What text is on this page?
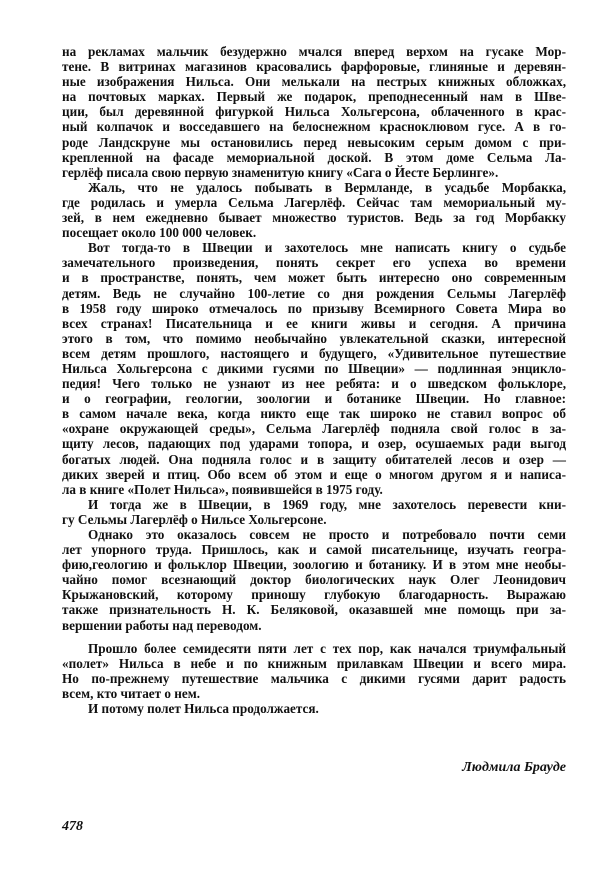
на рекламах мальчик безудержно мчался вперед верхом на гусаке Мор-
тене. В витринах магазинов красовались фарфоровые, глиняные и деревян-
ные изображения Нильса. Они мелькали на пестрых книжных обложках,
на почтовых марках. Первый же подарок, преподнесенный нам в Шве-
ции, был деревянной фигуркой Нильса Хольгерсона, облаченного в крас-
ный колпачок и восседавшего на белоснежном красноклювом гусе. А в го-
роде Ландскруне мы остановились перед невысоким серым домом с при-
крепленной на фасаде мемориальной доской. В этом доме Сельма Ла-
герлёф писала свою первую знаменитую книгу «Сага о Йесте Берлинге».
Жаль, что не удалось побывать в Вермланде, в усадьбе Морбакка,
где родилась и умерла Сельма Лагерлёф. Сейчас там мемориальный му-
зей, в нем ежедневно бывает множество туристов. Ведь за год Морбакку
посещает около 100 000 человек.
Вот тогда-то в Швеции и захотелось мне написать книгу о судьбе
замечательного произведения, понять секрет его успеха во времени
и в пространстве, понять, чем может быть интересно оно современным
детям. Ведь не случайно 100-летие со дня рождения Сельмы Лагерлёф
в 1958 году широко отмечалось по призыву Всемирного Совета Мира во
всех странах! Писательница и ее книги живы и сегодня. А причина
этого в том, что помимо необычайно увлекательной сказки, интересной
всем детям прошлого, настоящего и будущего, «Удивительное путешествие
Нильса Хольгерсона с дикими гусями по Швеции» — подлинная энцикло-
педия! Чего только не узнают из нее ребята: и о шведском фольклоре,
и о географии, геологии, зоологии и ботанике Швеции. Но главное:
в самом начале века, когда никто еще так широко не ставил вопрос об
«охране окружающей среды», Сельма Лагерлёф подняла свой голос в за-
щиту лесов, падающих под ударами топора, и озер, осушаемых ради выгод
богатых людей. Она подняла голос и в защиту обитателей лесов и озер —
диких зверей и птиц. Обо всем об этом и еще о многом другом я и написа-
ла в книге «Полет Нильса», появившейся в 1975 году.
И тогда же в Швеции, в 1969 году, мне захотелось перевести кни-
гу Сельмы Лагерлёф о Нильсе Хольгерсоне.
Однако это оказалось совсем не просто и потребовало почти семи
лет упорного труда. Пришлось, как и самой писательнице, изучать геогра-
фию,геологию и фольклор Швеции, зоологию и ботанику. И в этом мне необы-
чайно помог всезнающий доктор биологических наук Олег Леонидович
Крыжановский, которому приношу глубокую благодарность. Выражаю
также признательность Н. К. Беляковой, оказавшей мне помощь при за-
вершении работы над переводом.
Прошло более семидесяти пяти лет с тех пор, как начался триумфальный
«полет» Нильса в небе и по книжным прилавкам Швеции и всего мира.
Но по-прежнему путешествие мальчика с дикими гусями дарит радость
всем, кто читает о нем.
И потому полет Нильса продолжается.
Людмила Брауде
478
